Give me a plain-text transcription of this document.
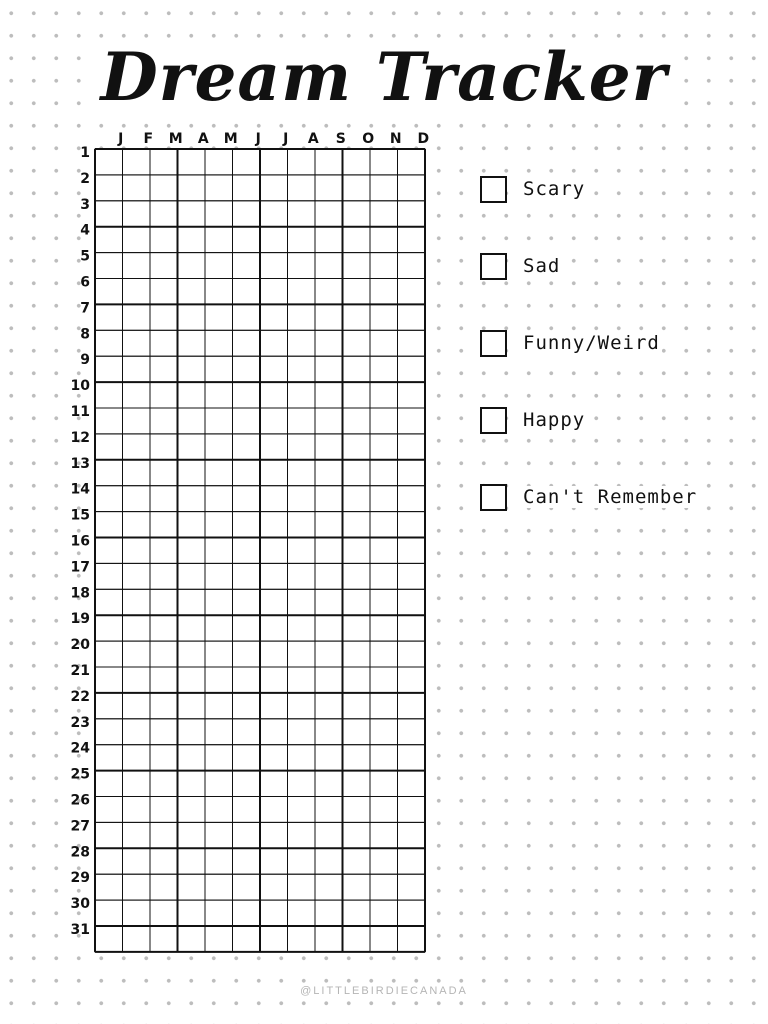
Dream Tracker
J F M A M J J A S O N D
1
2
3
4
5
6
7
8
9
10
11
12
13
14
15
16
17
18
19
20
21
22
23
24
25
26
27
28
29
30
31
Scary
Sad
Funny/Weird
Happy
Can't Remember
@LITTLEBIRDIECANADA
